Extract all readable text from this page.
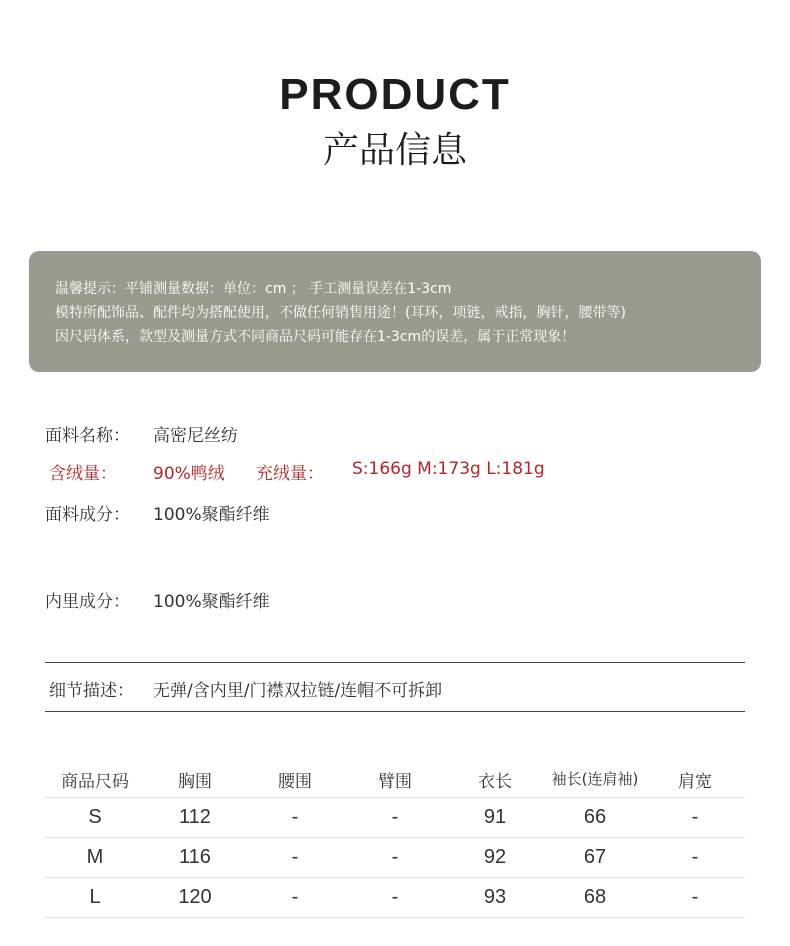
PRODUCT
产品信息
温馨提示：平铺测量数据：单位：cm ； 手工测量误差在1-3cm
模特所配饰品、配件均为搭配使用，不做任何销售用途！(耳环，项链，戒指，胸针，腰带等)
因尺码体系，款型及测量方式不同商品尺码可能存在1-3cm的误差，属于正常现象！
面料名称： 高密尼丝纺
含绒量： 90%鸭绒 充绒量： S:166g M:173g L:181g
面料成分： 100%聚酯纤维
内里成分： 100%聚酯纤维
细节描述： 无弹/含内里/门襟双拉链/连帽不可拆卸
商品尺码	胸围	腰围	臂围	衣长	袖长(连肩袖)	肩宽
S	112	-	-	91	66	-
M	116	-	-	92	67	-
L	120	-	-	93	68	-
